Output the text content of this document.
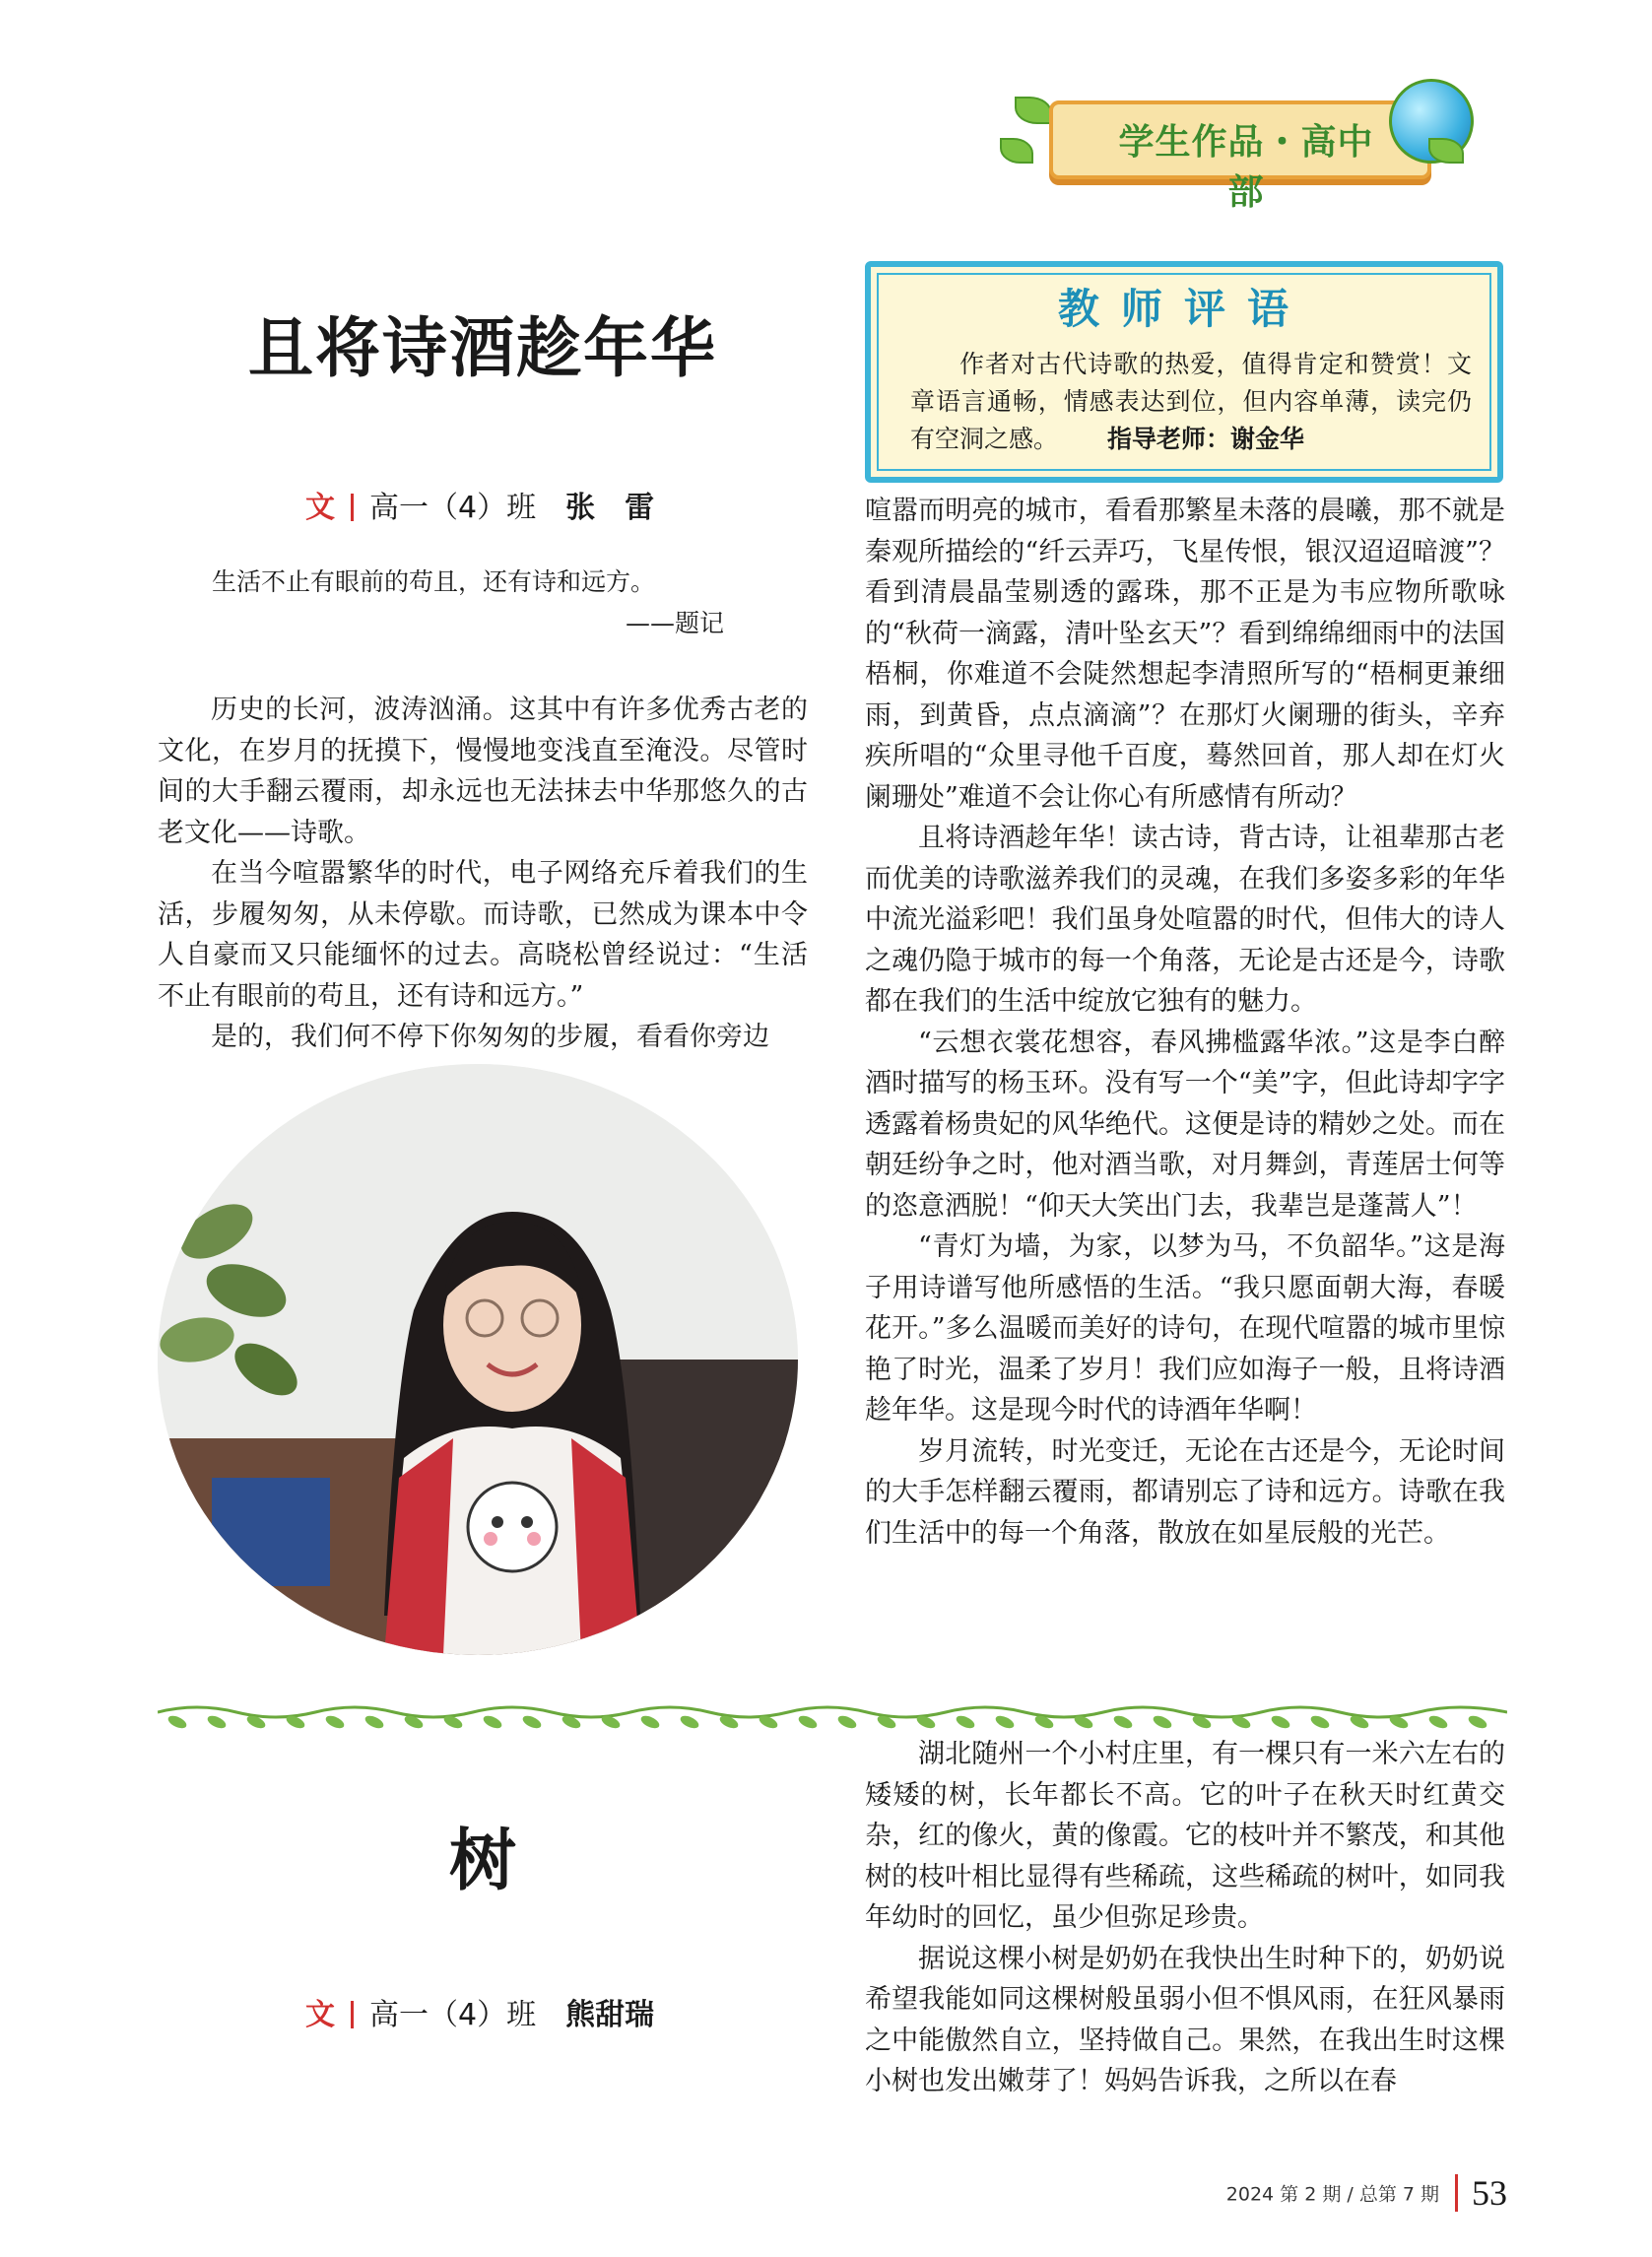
学生作品・高中部
且将诗酒趁年华
文 高一（4）班 张　雷
生活不止有眼前的苟且，还有诗和远方。
——题记

历史的长河，波涛汹涌。这其中有许多优秀古老的文化，在岁月的抚摸下，慢慢地变浅直至淹没。尽管时间的大手翻云覆雨，却永远也无法抹去中华那悠久的古老文化——诗歌。

在当今喧嚣繁华的时代，电子网络充斥着我们的生活，步履匆匆，从未停歇。而诗歌，已然成为课本中令人自豪而又只能缅怀的过去。高晓松曾经说过：“生活不止有眼前的苟且，还有诗和远方。”

是的，我们何不停下你匆匆的步履，看看你旁边

教师评语
作者对古代诗歌的热爱，值得肯定和赞赏！文章语言通畅，情感表达到位，但内容单薄，读完仍有空洞之感。 指导老师：谢金华

喧嚣而明亮的城市，看看那繁星未落的晨曦，那不就是秦观所描绘的“纤云弄巧，飞星传恨，银汉迢迢暗渡”？看到清晨晶莹剔透的露珠，那不正是为韦应物所歌咏的“秋荷一滴露，清叶坠玄天”？看到绵绵细雨中的法国梧桐，你难道不会陡然想起李清照所写的“梧桐更兼细雨，到黄昏，点点滴滴”？在那灯火阑珊的街头，辛弃疾所唱的“众里寻他千百度，蓦然回首，那人却在灯火阑珊处”难道不会让你心有所感情有所动？

且将诗酒趁年华！读古诗，背古诗，让祖辈那古老而优美的诗歌滋养我们的灵魂，在我们多姿多彩的年华中流光溢彩吧！我们虽身处喧嚣的时代，但伟大的诗人之魂仍隐于城市的每一个角落，无论是古还是今，诗歌都在我们的生活中绽放它独有的魅力。

“云想衣裳花想容，春风拂槛露华浓。”这是李白醉酒时描写的杨玉环。没有写一个“美”字，但此诗却字字透露着杨贵妃的风华绝代。这便是诗的精妙之处。而在朝廷纷争之时，他对酒当歌，对月舞剑，青莲居士何等的恣意洒脱！“仰天大笑出门去，我辈岂是蓬蒿人”！

“青灯为墙，为家，以梦为马，不负韶华。”这是海子用诗谱写他所感悟的生活。“我只愿面朝大海，春暖花开。”多么温暖而美好的诗句，在现代喧嚣的城市里惊艳了时光，温柔了岁月！我们应如海子一般，且将诗酒趁年华。这是现今时代的诗酒年华啊！

岁月流转，时光变迁，无论在古还是今，无论时间的大手怎样翻云覆雨，都请别忘了诗和远方。诗歌在我们生活中的每一个角落，散放在如星辰般的光芒。

树
文 高一（4）班 熊甜瑞

湖北随州一个小村庄里，有一棵只有一米六左右的矮矮的树，长年都长不高。它的叶子在秋天时红黄交杂，红的像火，黄的像霞。它的枝叶并不繁茂，和其他树的枝叶相比显得有些稀疏，这些稀疏的树叶，如同我年幼时的回忆，虽少但弥足珍贵。

据说这棵小树是奶奶在我快出生时种下的，奶奶说希望我能如同这棵树般虽弱小但不惧风雨，在狂风暴雨之中能傲然自立，坚持做自己。果然，在我出生时这棵小树也发出嫩芽了！妈妈告诉我，之所以在春

2024 第 2 期 / 总第 7 期 53
